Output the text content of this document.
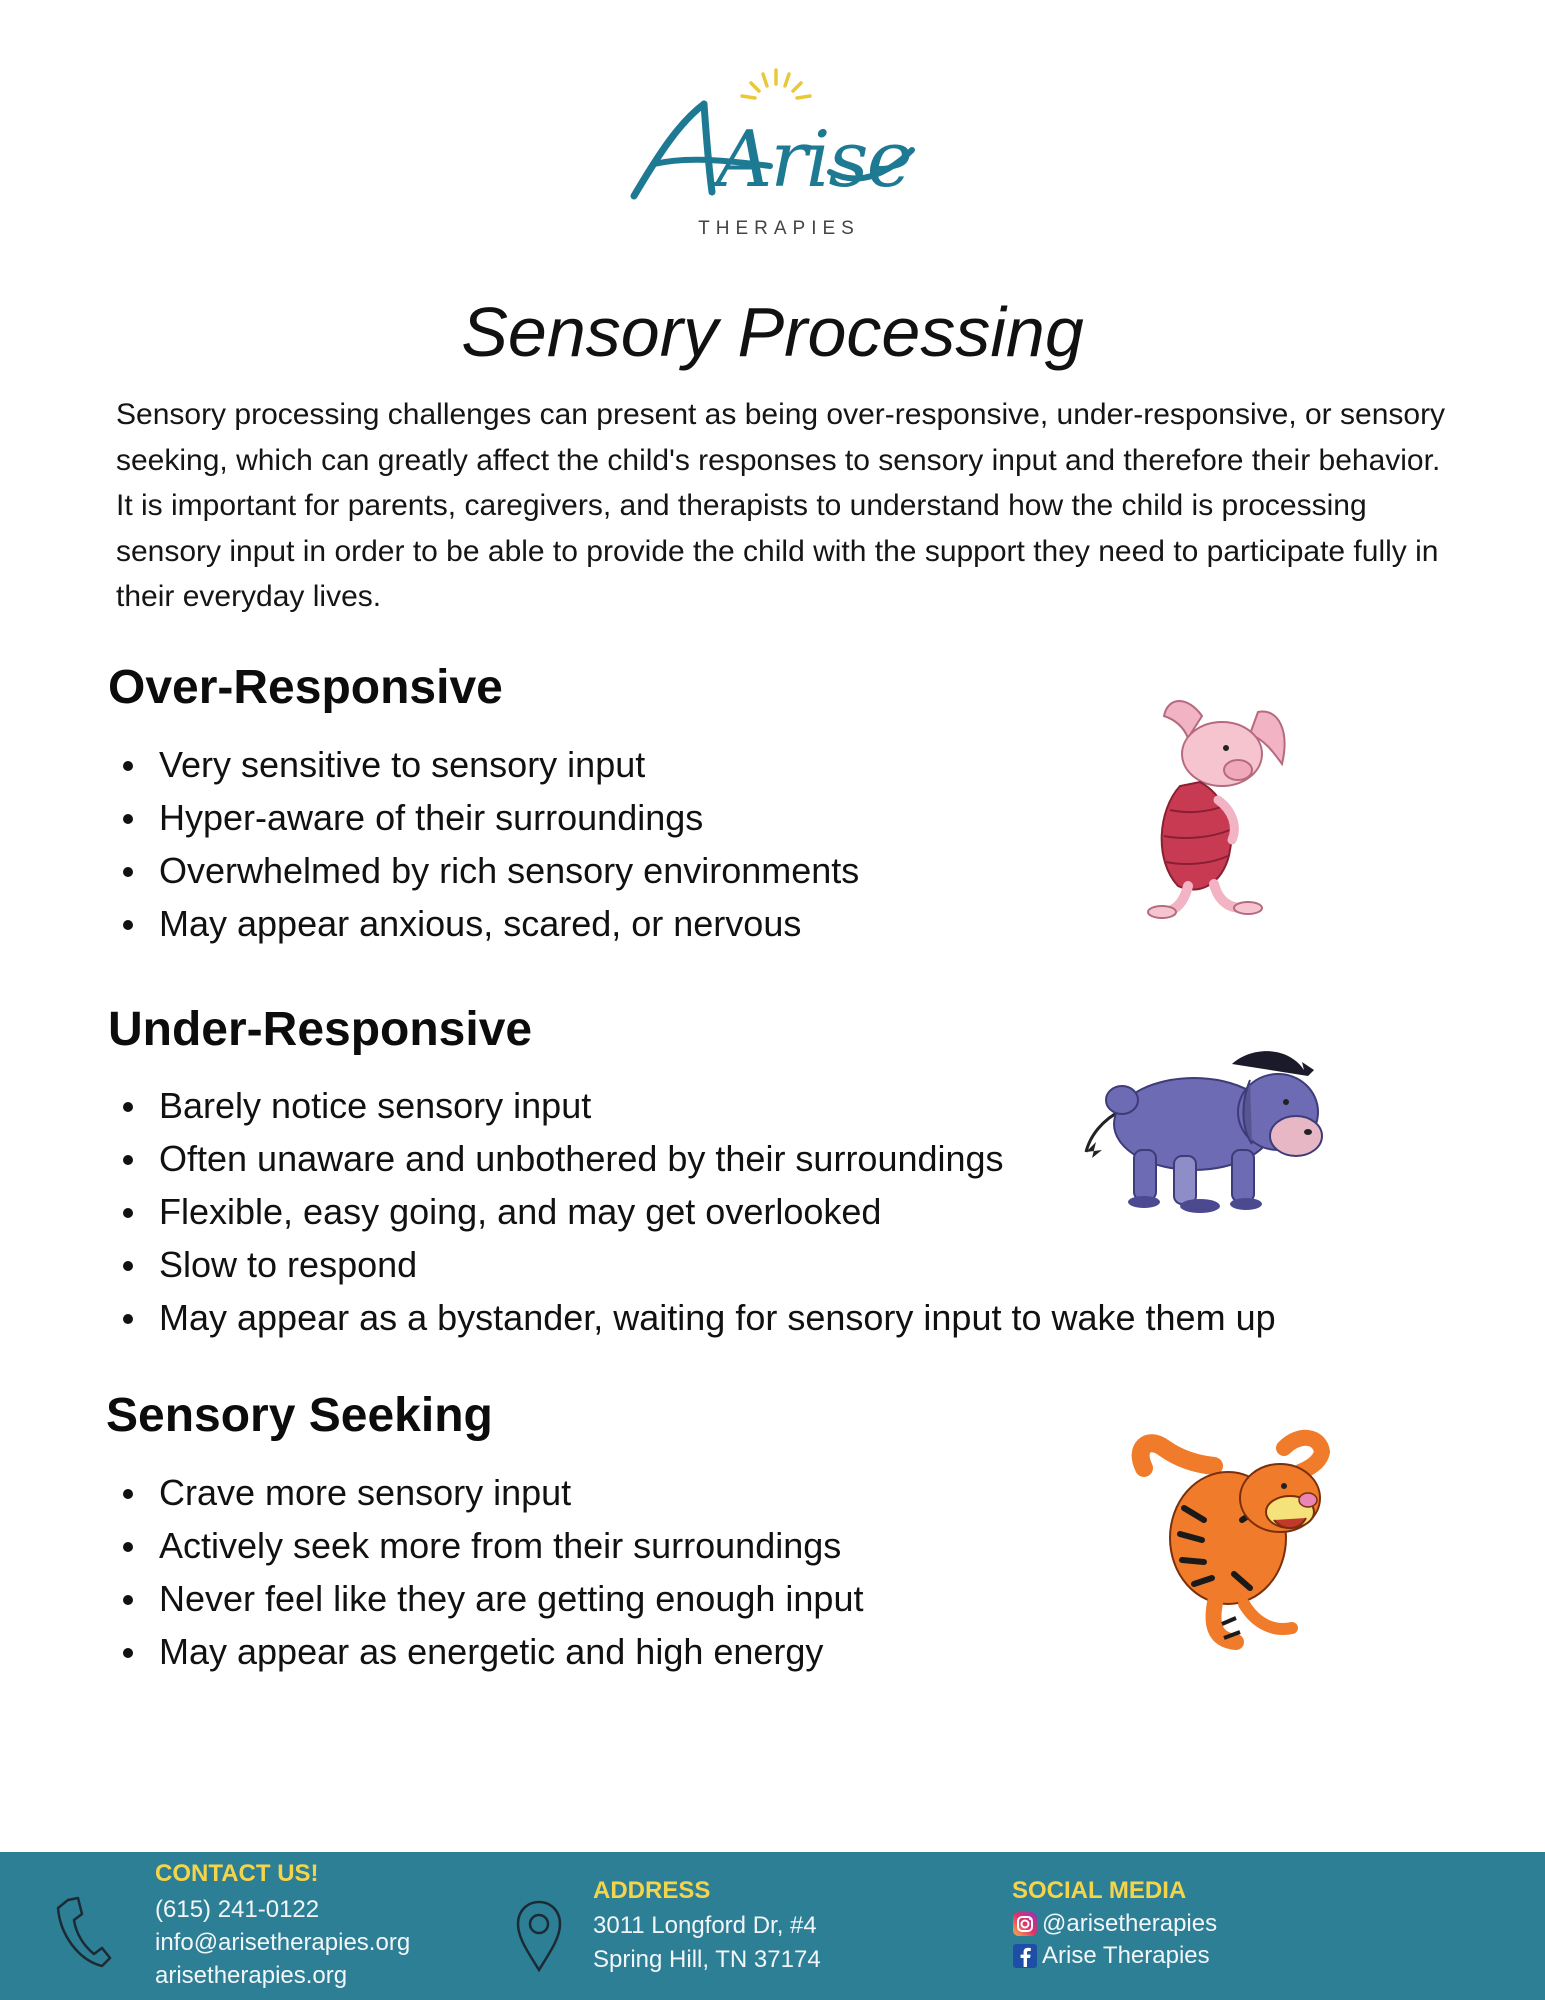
Arise
THERAPIES
Sensory Processing

Sensory processing challenges can present as being over-responsive, under-responsive, or sensory seeking, which can greatly affect the child's responses to sensory input and therefore their behavior. It is important for parents, caregivers, and therapists to understand how the child is processing sensory input in order to be able to provide the child with the support they need to participate fully in their everyday lives.

Over-Responsive
Very sensitive to sensory input
Hyper-aware of their surroundings
Overwhelmed by rich sensory environments
May appear anxious, scared, or nervous
Under-Responsive
Barely notice sensory input
Often unaware and unbothered by their surroundings
Flexible, easy going, and may get overlooked
Slow to respond
May appear as a bystander, waiting for sensory input to wake them up
Sensory Seeking
Crave more sensory input
Actively seek more from their surroundings
Never feel like they are getting enough input
May appear as energetic and high energy
CONTACT US!
(615) 241-0122
info@arisetherapies.org
arisetherapies.org
ADDRESS
3011 Longford Dr, #4
Spring Hill, TN 37174
SOCIAL MEDIA
@arisetherapies
Arise Therapies
